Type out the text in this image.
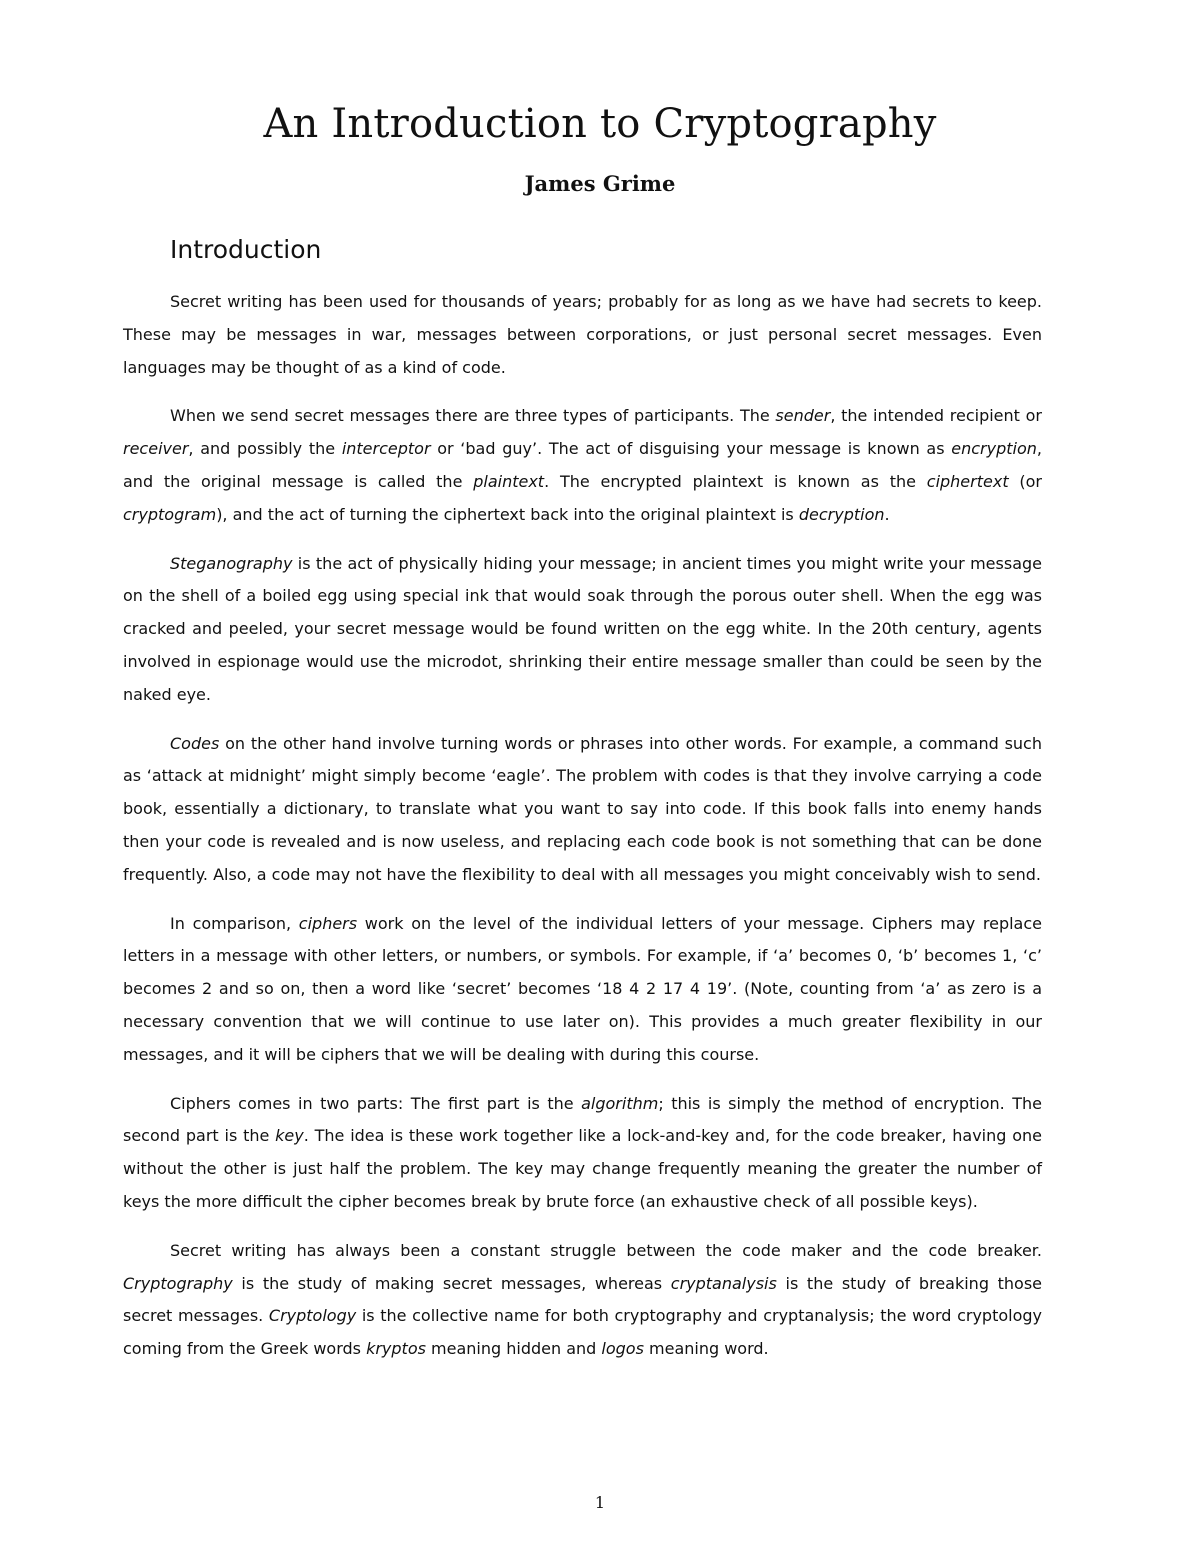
An Introduction to Cryptography
James Grime
Introduction

Secret writing has been used for thousands of years; probably for as long as we have had secrets to keep. These may be messages in war, messages between corporations, or just personal secret messages. Even languages may be thought of as a kind of code.

When we send secret messages there are three types of participants. The sender, the intended recipient or receiver, and possibly the interceptor or ‘bad guy’. The act of disguising your message is known as encryption, and the original message is called the plaintext. The encrypted plaintext is known as the ciphertext (or cryptogram), and the act of turning the ciphertext back into the original plaintext is decryption.

Steganography is the act of physically hiding your message; in ancient times you might write your message on the shell of a boiled egg using special ink that would soak through the porous outer shell. When the egg was cracked and peeled, your secret message would be found written on the egg white. In the 20th century, agents involved in espionage would use the microdot, shrinking their entire message smaller than could be seen by the naked eye.

Codes on the other hand involve turning words or phrases into other words. For example, a command such as ‘attack at midnight’ might simply become ‘eagle’. The problem with codes is that they involve carrying a code book, essentially a dictionary, to translate what you want to say into code. If this book falls into enemy hands then your code is revealed and is now useless, and replacing each code book is not something that can be done frequently. Also, a code may not have the flexibility to deal with all messages you might conceivably wish to send.

In comparison, ciphers work on the level of the individual letters of your message. Ciphers may replace letters in a message with other letters, or numbers, or symbols. For example, if ‘a’ becomes 0, ‘b’ becomes 1, ‘c’ becomes 2 and so on, then a word like ‘secret’ becomes ‘18 4 2 17 4 19’. (Note, counting from ‘a’ as zero is a necessary convention that we will continue to use later on). This provides a much greater flexibility in our messages, and it will be ciphers that we will be dealing with during this course.

Ciphers comes in two parts: The first part is the algorithm; this is simply the method of encryption. The second part is the key. The idea is these work together like a lock-and-key and, for the code breaker, having one without the other is just half the problem. The key may change frequently meaning the greater the number of keys the more difficult the cipher becomes break by brute force (an exhaustive check of all possible keys).

Secret writing has always been a constant struggle between the code maker and the code breaker. Cryptography is the study of making secret messages, whereas cryptanalysis is the study of breaking those secret messages. Cryptology is the collective name for both cryptography and cryptanalysis; the word cryptology coming from the Greek words kryptos meaning hidden and logos meaning word.

1
